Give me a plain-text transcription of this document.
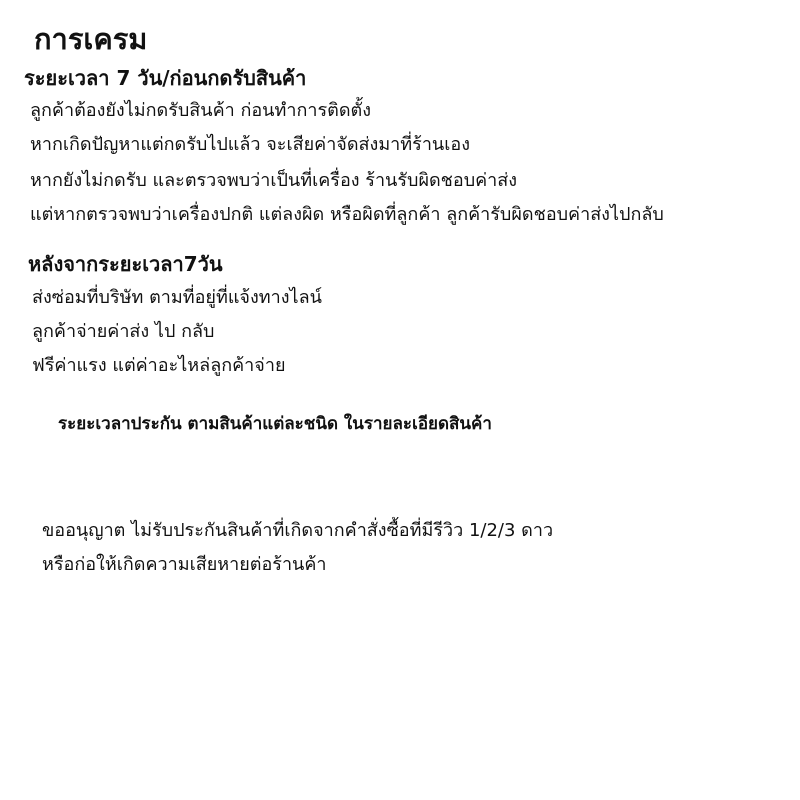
การเครม
ระยะเวลา 7 วัน/ก่อนกดรับสินค้า
ลูกค้าต้องยังไม่กดรับสินค้า ก่อนทำการติดตั้ง
หากเกิดปัญหาแต่กดรับไปแล้ว จะเสียค่าจัดส่งมาที่ร้านเอง
หากยังไม่กดรับ และตรวจพบว่าเป็นที่เครื่อง ร้านรับผิดชอบค่าส่ง
แต่หากตรวจพบว่าเครื่องปกติ แต่ลงผิด หรือผิดที่ลูกค้า ลูกค้ารับผิดชอบค่าส่งไปกลับ
หลังจากระยะเวลา7วัน
ส่งซ่อมที่บริษัท ตามที่อยู่ที่แจ้งทางไลน์
ลูกค้าจ่ายค่าส่ง ไป กลับ
ฟรีค่าแรง แต่ค่าอะไหล่ลูกค้าจ่าย
ระยะเวลาประกัน ตามสินค้าแต่ละชนิด ในรายละเอียดสินค้า
ขออนุญาต ไม่รับประกันสินค้าที่เกิดจากคำสั่งซื้อที่มีรีวิว 1/2/3 ดาว
หรือก่อให้เกิดความเสียหายต่อร้านค้า
